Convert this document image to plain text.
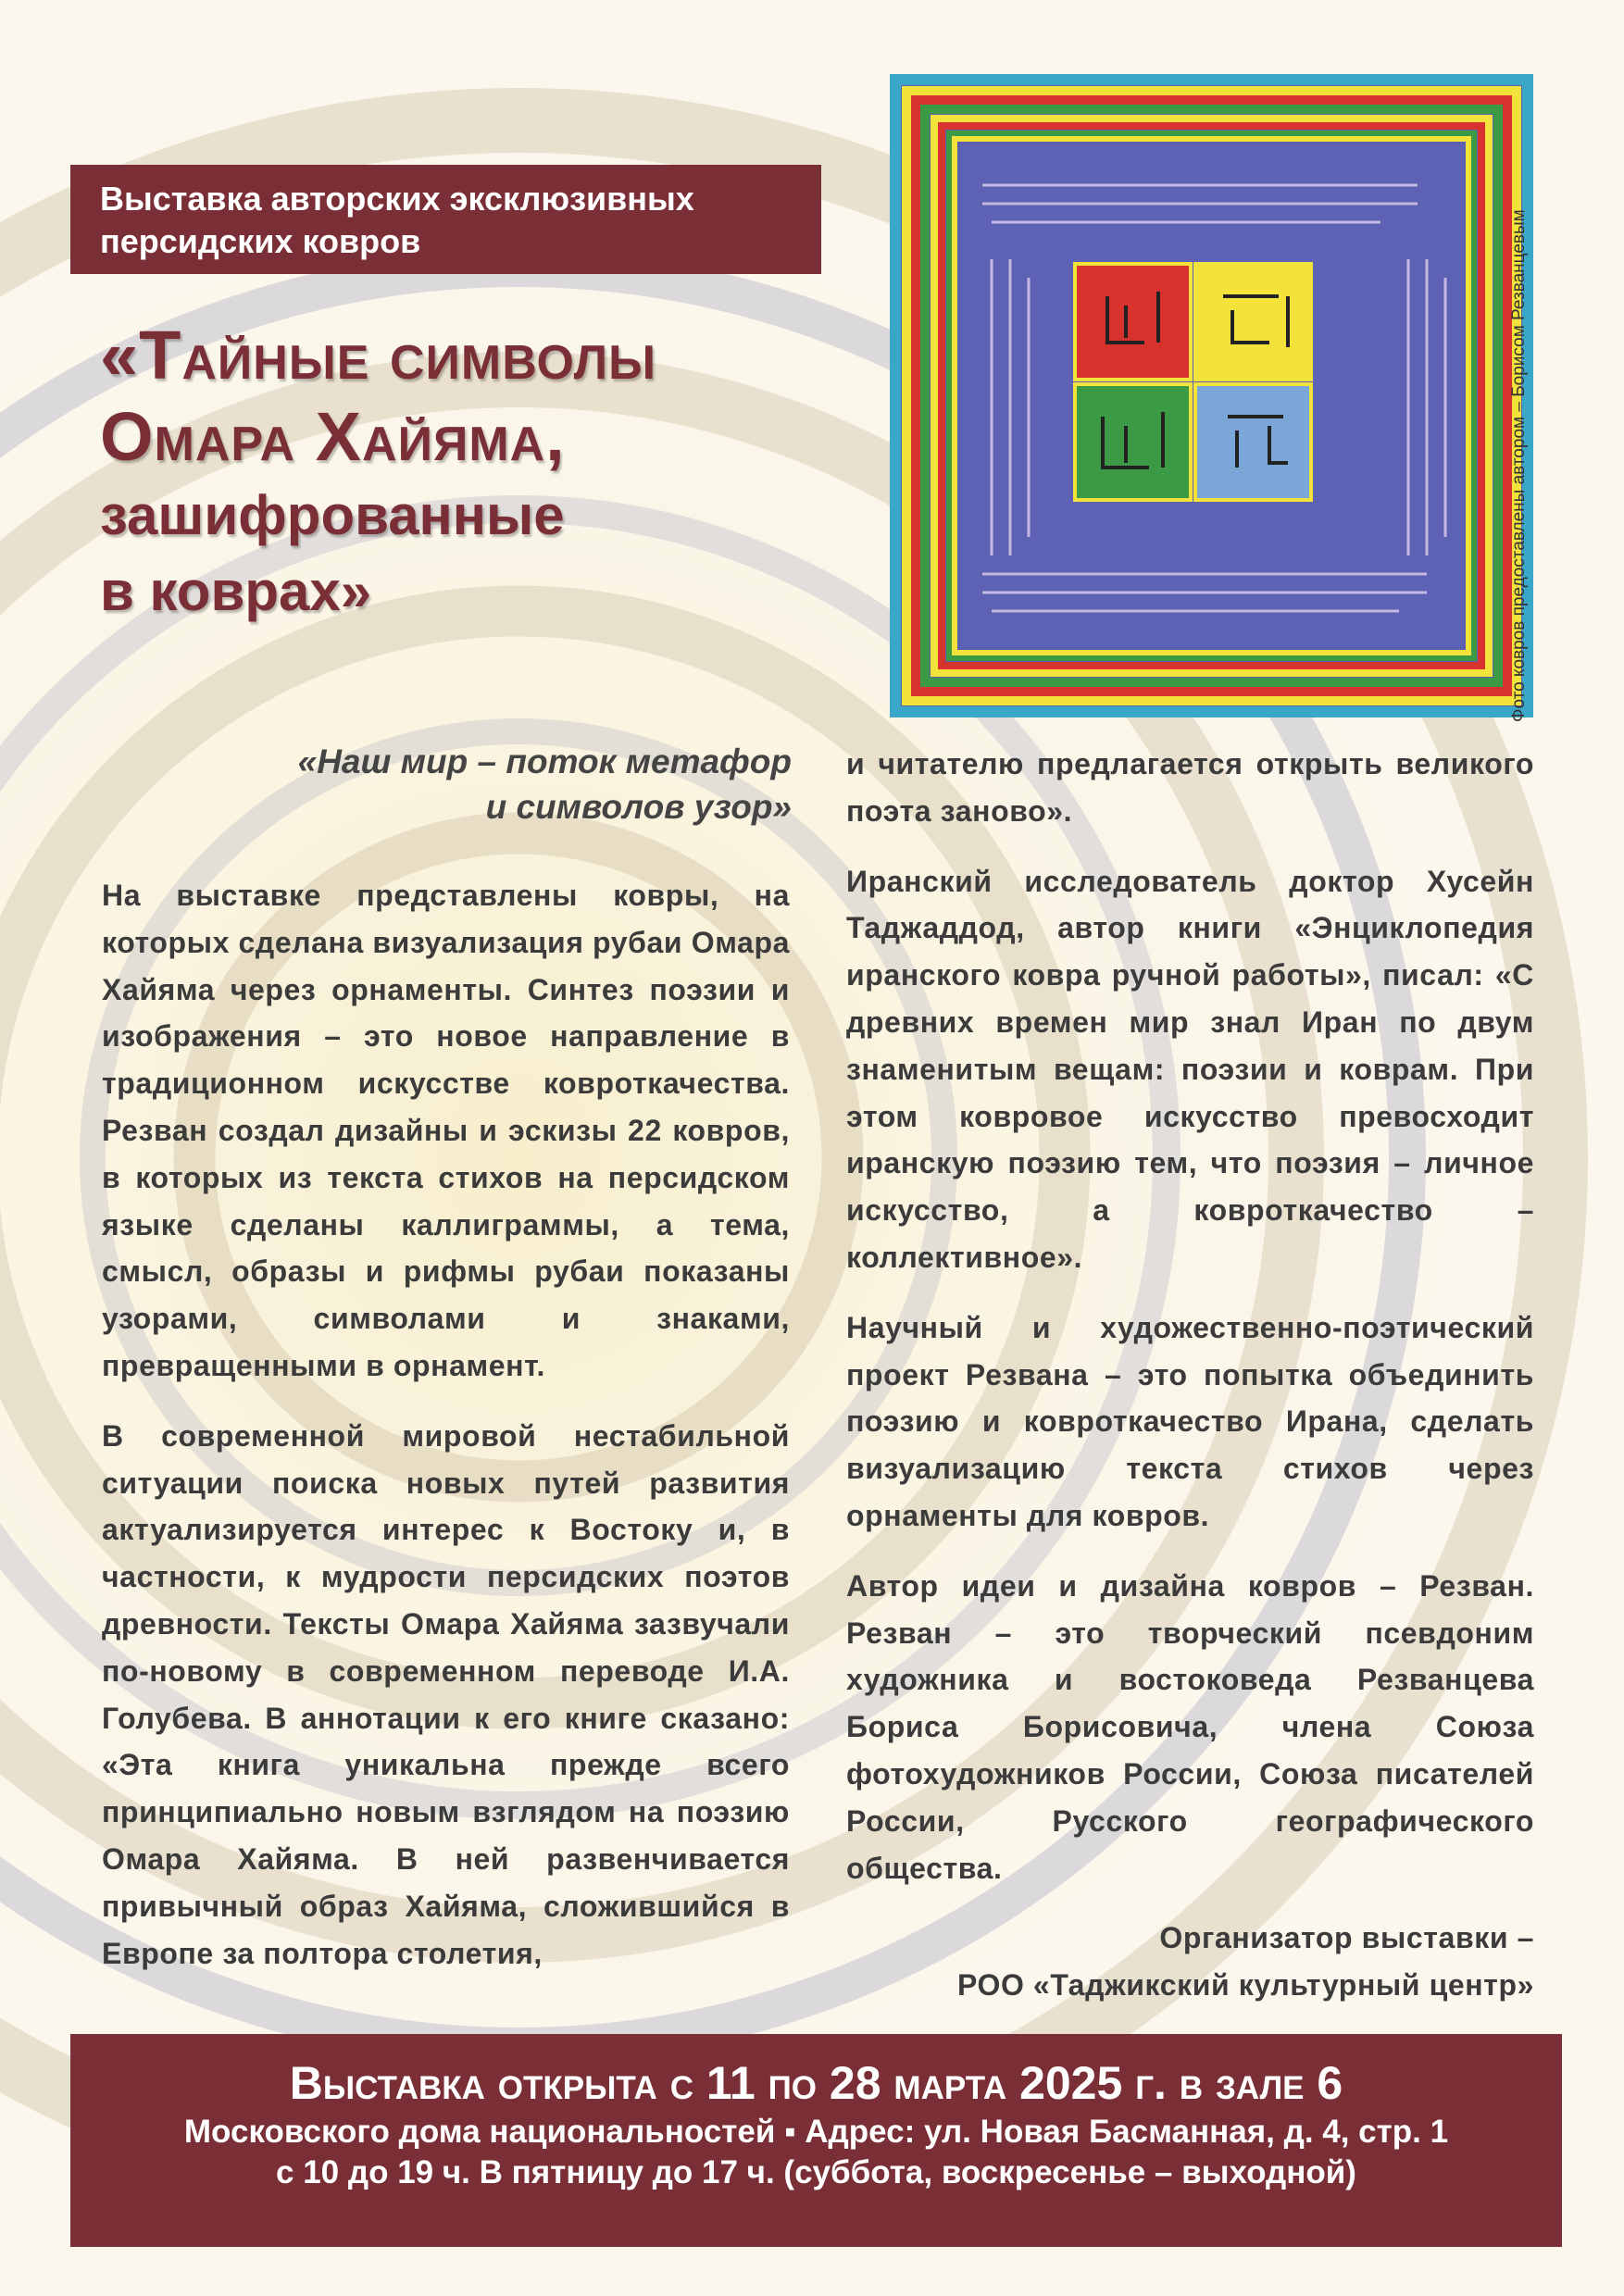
Выставка авторских эксклюзивных персидских ковров
«Тайные символы
Омара Хайяма,
зашифрованные
в коврах»	Фото ковров предоставлены автором – Борисом Резванцевым
«Наш мир – поток метафор
и символов узор»

На выставке представлены ковры, на которых сделана визуализация рубаи Омара Хайяма через орнаменты. Синтез поэзии и изображения – это новое направление в традиционном искусстве ковроткачества. Резван создал дизайны и эскизы 22 ковров, в которых из текста стихов на персидском языке сделаны каллиграммы, а тема, смысл, образы и рифмы рубаи показаны узорами, символами и знаками, превращенными в орнамент.

В современной мировой нестабильной ситуации поиска новых путей развития актуализируется интерес к Востоку и, в частности, к мудрости персидских поэтов древности. Тексты Омара Хайяма зазвучали по-новому в современном переводе И.А. Голубева. В аннотации к его книге сказано: «Эта книга уникальна прежде всего принципиально новым взглядом на поэзию Омара Хайяма. В ней развенчивается привычный образ Хайяма, сложившийся в Европе за полтора столетия,

и читателю предлагается открыть великого поэта заново».

Иранский исследователь доктор Хусейн Таджаддод, автор книги «Энциклопедия иранского ковра ручной работы», писал: «С древних времен мир знал Иран по двум знаменитым вещам: поэзии и коврам. При этом ковровое искусство превосходит иранскую поэзию тем, что поэзия – личное искусство, а ковроткачество – коллективное».

Научный и художественно-поэтический проект Резвана – это попытка объединить поэзию и ковроткачество Ирана, сделать визуализацию текста стихов через орнаменты для ковров.

Автор идеи и дизайна ковров – Резван. Резван – это творческий псевдоним художника и востоковеда Резванцева Бориса Борисовича, члена Союза фотохудожников России, Союза писателей России, Русского географического общества.

Организатор выставки –
РОО «Таджикский культурный центр»
Выставка открыта с 11 по 28 марта 2025 г. в зале 6
Московского дома национальностей ▪ Адрес: ул. Новая Басманная, д. 4, стр. 1
с 10 до 19 ч. В пятницу до 17 ч. (суббота, воскресенье – выходной)
